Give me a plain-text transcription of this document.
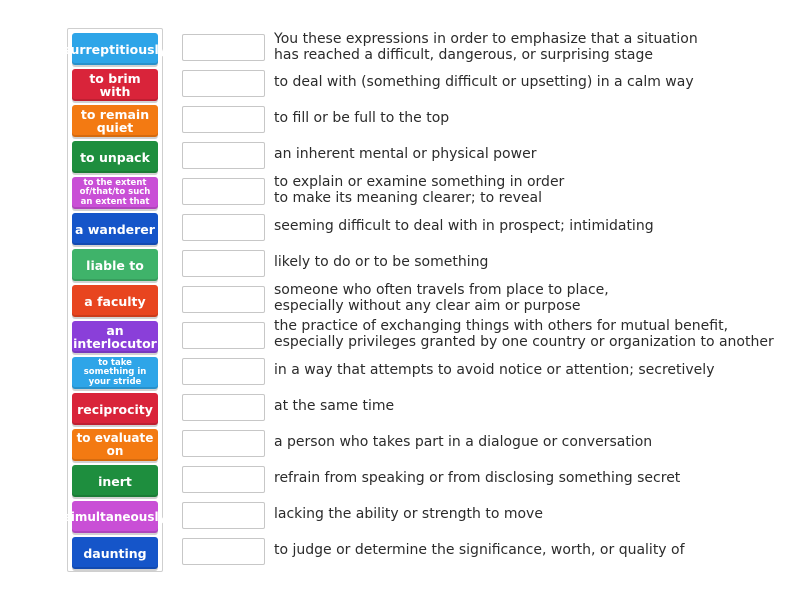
surreptitiously
to brim with
to remain quiet
to unpack
to the extent of/that/to such an extent that
a wanderer
liable to
a faculty
an interlocutor
to take something in your stride
reciprocity
to evaluate on
inert
simultaneously
daunting
You these expressions in order to emphasize that a situation
has reached a difficult, dangerous, or surprising stage
to deal with (something difficult or upsetting) in a calm way
to fill or be full to the top
an inherent mental or physical power
to explain or examine something in order
to make its meaning clearer; to reveal
seeming difficult to deal with in prospect; intimidating
likely to do or to be something
someone who often travels from place to place,
especially without any clear aim or purpose
the practice of exchanging things with others for mutual benefit,
especially privileges granted by one country or organization to another
in a way that attempts to avoid notice or attention; secretively
at the same time
a person who takes part in a dialogue or conversation
refrain from speaking or from disclosing something secret
lacking the ability or strength to move
to judge or determine the significance, worth, or quality of
